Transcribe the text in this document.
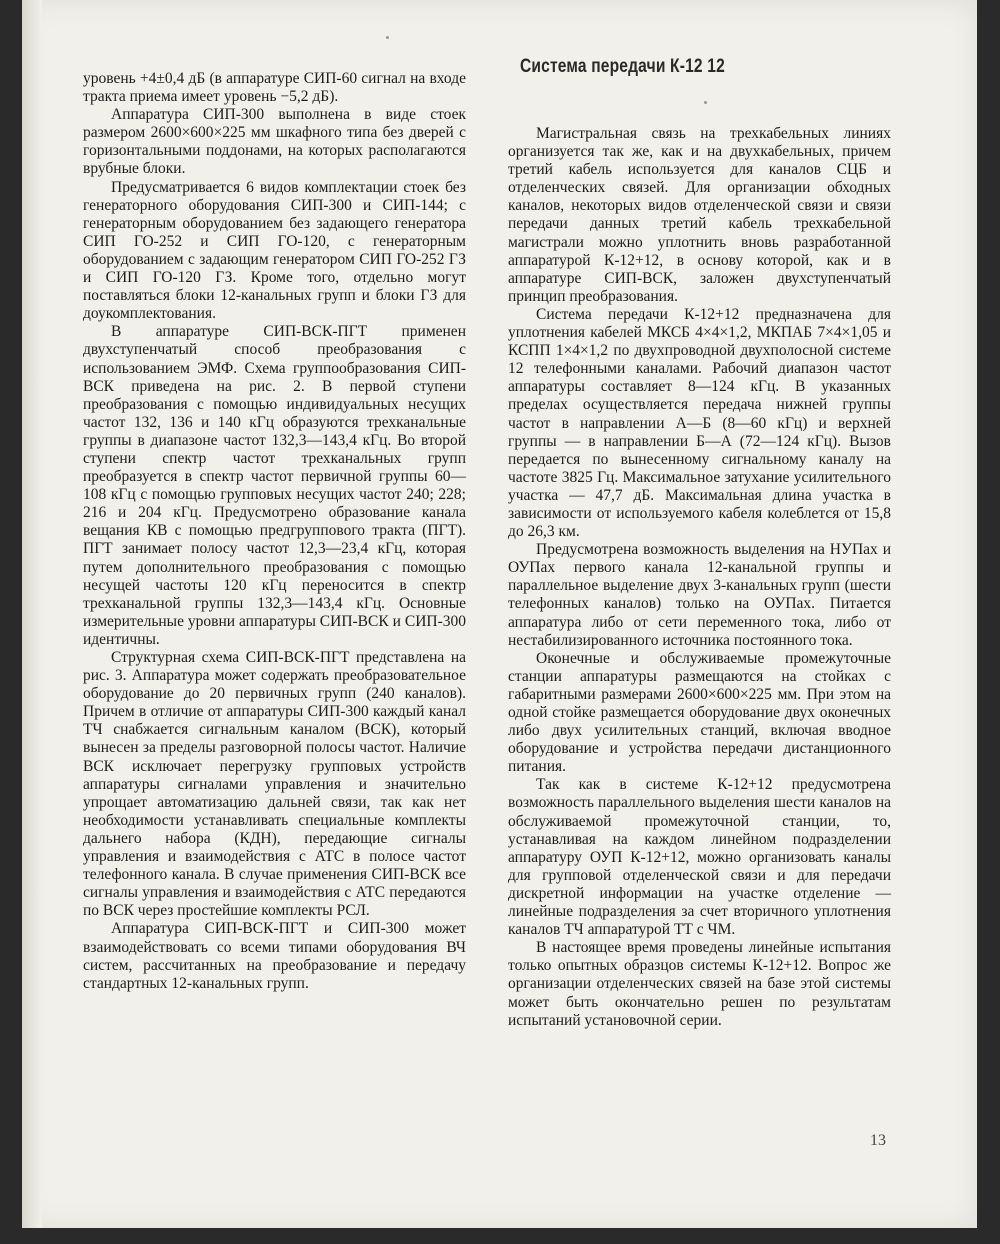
Система передачи К-12 12

уровень +4±0,4 дБ (в аппаратуре СИП-60 сигнал на входе тракта приема имеет уровень −5,2 дБ).

Аппаратура СИП-300 выполнена в виде стоек размером 2600×600×225 мм шкафного типа без дверей с горизонтальными поддонами, на которых располагаются врубные блоки.

Предусматривается 6 видов комплектации стоек без генераторного оборудования СИП-300 и СИП-144; с генераторным оборудованием без задающего генератора СИП ГО-252 и СИП ГО-120, с генераторным оборудованием с задающим генератором СИП ГО-252 ГЗ и СИП ГО-120 ГЗ. Кроме того, отдельно могут поставляться блоки 12-канальных групп и блоки ГЗ для доукомплектования.

В аппаратуре СИП-ВСК-ПГТ применен двухступенчатый способ преобразования с использованием ЭМФ. Схема группообразования СИП-ВСК приведена на рис. 2. В первой ступени преобразования с помощью индивидуальных несущих частот 132, 136 и 140 кГц образуются трехканальные группы в диапазоне частот 132,3—143,4 кГц. Во второй ступени спектр частот трехканальных групп преобразуется в спектр частот первичной группы 60—108 кГц с помощью групповых несущих частот 240; 228; 216 и 204 кГц. Предусмотрено образование канала вещания КВ с помощью предгруппового тракта (ПГТ). ПГТ занимает полосу частот 12,3—23,4 кГц, которая путем дополнительного преобразования с помощью несущей частоты 120 кГц переносится в спектр трехканальной группы 132,3—143,4 кГц. Основные измерительные уровни аппаратуры СИП-ВСК и СИП-300 идентичны.

Структурная схема СИП-ВСК-ПГТ представлена на рис. 3. Аппаратура может содержать преобразовательное оборудование до 20 первичных групп (240 каналов). Причем в отличие от аппаратуры СИП-300 каждый канал ТЧ снабжается сигнальным каналом (ВСК), который вынесен за пределы разговорной полосы частот. Наличие ВСК исключает перегрузку групповых устройств аппаратуры сигналами управления и значительно упрощает автоматизацию дальней связи, так как нет необходимости устанавливать специальные комплекты дальнего набора (КДН), передающие сигналы управления и взаимодействия с АТС в полосе частот телефонного канала. В случае применения СИП-ВСК все сигналы управления и взаимодействия с АТС передаются по ВСК через простейшие комплекты РСЛ.

Аппаратура СИП-ВСК-ПГТ и СИП-300 может взаимодействовать со всеми типами оборудования ВЧ систем, рассчитанных на преобразование и передачу стандартных 12-канальных групп.

Магистральная связь на трехкабельных линиях организуется так же, как и на двухкабельных, причем третий кабель используется для каналов СЦБ и отделенческих связей. Для организации обходных каналов, некоторых видов отделенческой связи и связи передачи данных третий кабель трехкабельной магистрали можно уплотнить вновь разработанной аппаратурой К-12+12, в основу которой, как и в аппаратуре СИП-ВСК, заложен двухступенчатый принцип преобразования.

Система передачи К-12+12 предназначена для уплотнения кабелей МКСБ 4×4×1,2, МКПАБ 7×4×1,05 и КСПП 1×4×1,2 по двухпроводной двухполосной системе 12 телефонными каналами. Рабочий диапазон частот аппаратуры составляет 8—124 кГц. В указанных пределах осуществляется передача нижней группы частот в направлении А—Б (8—60 кГц) и верхней группы — в направлении Б—А (72—124 кГц). Вызов передается по вынесенному сигнальному каналу на частоте 3825 Гц. Максимальное затухание усилительного участка — 47,7 дБ. Максимальная длина участка в зависимости от используемого кабеля колеблется от 15,8 до 26,3 км.

Предусмотрена возможность выделения на НУПах и ОУПах первого канала 12-канальной группы и параллельное выделение двух 3-канальных групп (шести телефонных каналов) только на ОУПах. Питается аппаратура либо от сети переменного тока, либо от нестабилизированного источника постоянного тока.

Оконечные и обслуживаемые промежуточные станции аппаратуры размещаются на стойках с габаритными размерами 2600×600×225 мм. При этом на одной стойке размещается оборудование двух оконечных либо двух усилительных станций, включая вводное оборудование и устройства передачи дистанционного питания.

Так как в системе К-12+12 предусмотрена возможность параллельного выделения шести каналов на обслуживаемой промежуточной станции, то, устанавливая на каждом линейном подразделении аппаратуру ОУП К-12+12, можно организовать каналы для групповой отделенческой связи и для передачи дискретной информации на участке отделение — линейные подразделения за счет вторичного уплотнения каналов ТЧ аппаратурой ТТ с ЧМ.

В настоящее время проведены линейные испытания только опытных образцов системы К-12+12. Вопрос же организации отделенческих связей на базе этой системы может быть окончательно решен по результатам испытаний установочной серии.

13
